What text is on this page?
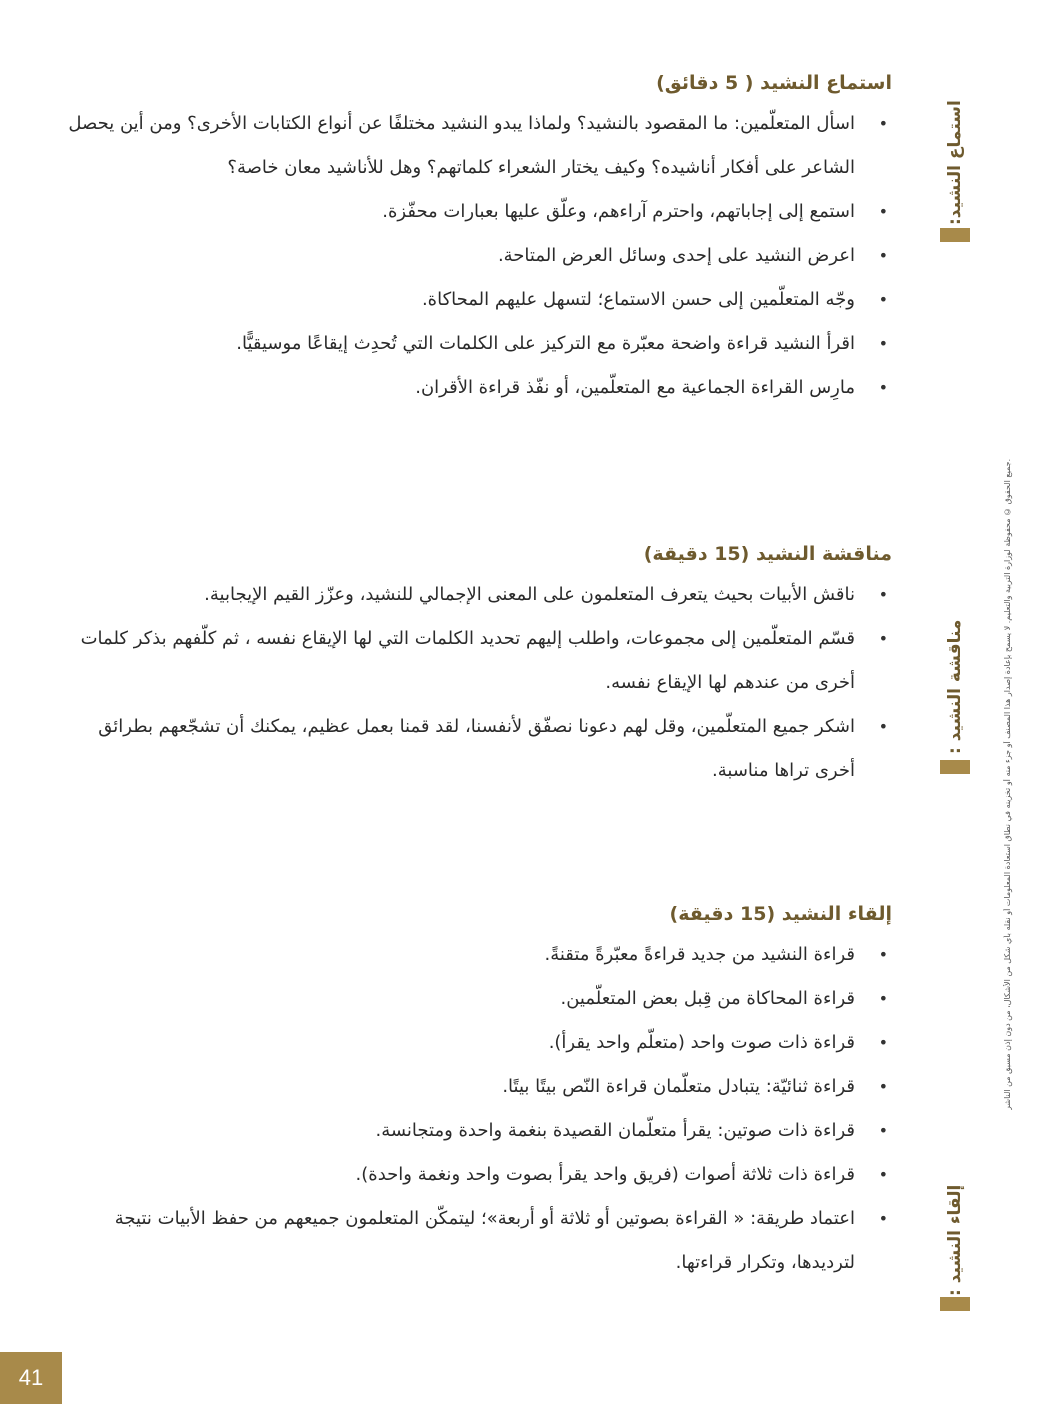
استماع النشيد:
مناقشة النشيد :
إلقاء النشيد :
جميع الحقوق © محفوظة لوزارة التربية والتعليم. لا يسمح بإعادة إصدار هذا المصنف أو جزء منه أو تخزينه في نطاق استعادة المعلومات أو نقله بأي شكل من الأشكال، من دون إذن مسبق من الناشر.
استماع النشيد ( 5 دقائق)
• اسأل المتعلّمين: ما المقصود بالنشيد؟ ولماذا يبدو النشيد مختلفًا عن أنواع الكتابات الأخرى؟ ومن أين يحصل الشاعر على أفكار أناشيده؟ وكيف يختار الشعراء كلماتهم؟ وهل للأناشيد معان خاصة؟
• استمع إلى إجاباتهم، واحترم آراءهم، وعلّق عليها بعبارات محفّزة.
• اعرض النشيد على إحدى وسائل العرض المتاحة.
• وجّه المتعلّمين إلى حسن الاستماع؛ لتسهل عليهم المحاكاة.
• اقرأ النشيد قراءة واضحة معبّرة مع التركيز على الكلمات التي تُحدِث إيقاعًا موسيقيًّا.
• مارِس القراءة الجماعية مع المتعلّمين، أو نفّذ قراءة الأقران.
مناقشة النشيد (15 دقيقة)
• ناقش الأبيات بحيث يتعرف المتعلمون على المعنى الإجمالي للنشيد، وعزّز القيم الإيجابية.
• قسّم المتعلّمين إلى مجموعات، واطلب إليهم تحديد الكلمات التي لها الإيقاع نفسه ، ثم كلّفهم بذكر كلمات أخرى من عندهم لها الإيقاع نفسه.
• اشكر جميع المتعلّمين، وقل لهم دعونا نصفّق لأنفسنا، لقد قمنا بعمل عظيم، يمكنك أن تشجّعهم بطرائق أخرى تراها مناسبة.
إلقاء النشيد (15 دقيقة)
• قراءة النشيد من جديد قراءةً معبّرةً متقنةً.
• قراءة المحاكاة من قِبل بعض المتعلّمين.
• قراءة ذات صوت واحد (متعلّم واحد يقرأ).
• قراءة ثنائيّة: يتبادل متعلّمان قراءة النّص بيتًا بيتًا.
• قراءة ذات صوتين: يقرأ متعلّمان القصيدة بنغمة واحدة ومتجانسة.
• قراءة ذات ثلاثة أصوات (فريق واحد يقرأ بصوت واحد ونغمة واحدة).
• اعتماد طريقة: « القراءة بصوتين أو ثلاثة أو أربعة»؛ ليتمكّن المتعلمون جميعهم من حفظ الأبيات نتيجة لترديدها، وتكرار قراءتها.
41
